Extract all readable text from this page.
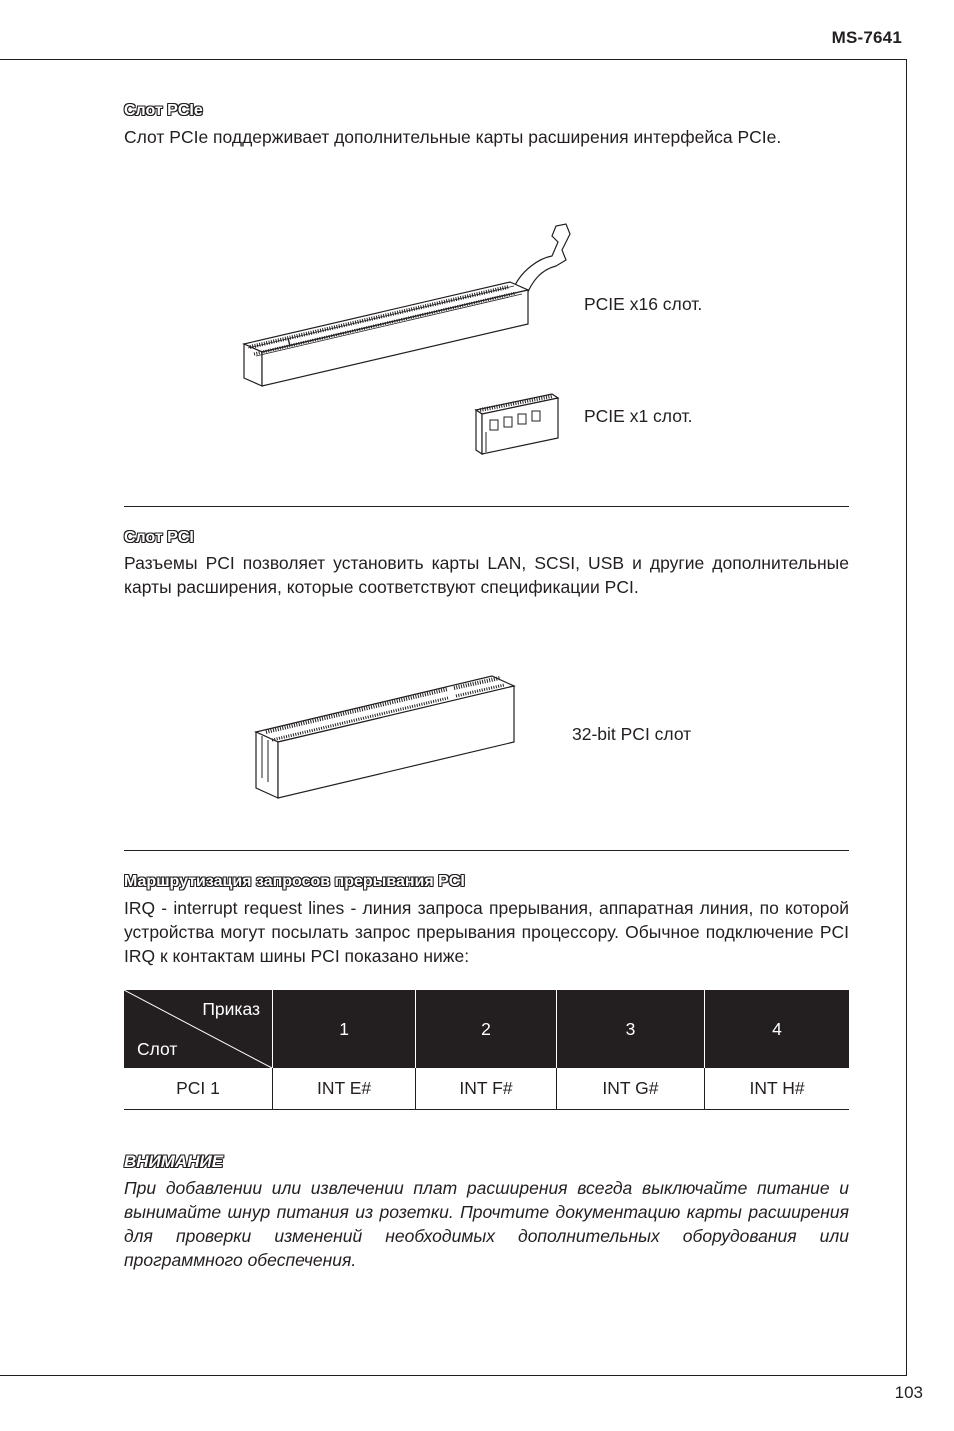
MS-7641
Слот PCIe
Слот PCIe поддерживает дополнительные карты расширения интерфейса PCIe.
PCIE x16 слот.
PCIE x1 слот.
Слот PCI
Разъемы PCI позволяет установить карты LAN, SCSI, USB и другие дополнительные карты расширения, которые соответствуют спецификации PCI.
32-bit PCI слот
Маршрутизация запросов прерывания PCI
IRQ - interrupt request lines - линия запроса прерывания, аппаратная линия, по которой устройства могут посылать запрос прерывания процессору. Обычное подключение PCI IRQ к контактам шины PCI показано ниже:
Приказ
Слот	1	2	3	4
PCI 1	INT E#	INT F#	INT G#	INT H#
ВНИМАНИЕ
При добавлении или извлечении плат расширения всегда выключайте питание и вынимайте шнур питания из розетки. Прочтите документацию карты расширения для проверки изменений необходимых дополнительных оборудования или программного обеспечения.
103
